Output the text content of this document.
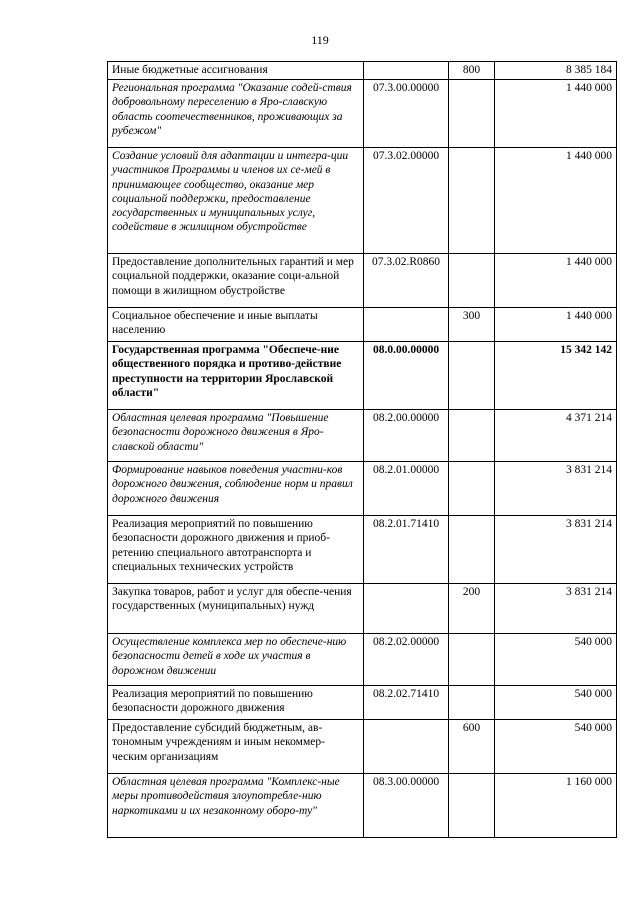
119
Иные бюджетные ассигнования		800	8 385 184
Региональная программа "Оказание содей-ствия добровольному переселению в Яро-славскую область соотечественников, проживающих за рубежом"	07.3.00.00000		1 440 000
Создание условий для адаптации и интегра-ции участников Программы и членов их се-мей в принимающее сообщество, оказание мер социальной поддержки, предоставление государственных и муниципальных услуг, содействие в жилищном обустройстве	07.3.02.00000		1 440 000
Предоставление дополнительных гарантий и мер социальной поддержки, оказание соци-альной помощи в жилищном обустройстве	07.3.02.R0860		1 440 000
Социальное обеспечение и иные выплаты населению		300	1 440 000
Государственная программа "Обеспече-ние общественного порядка и противо-действие преступности на территории Ярославской области"	08.0.00.00000		15 342 142
Областная целевая программа "Повышение безопасности дорожного движения в Яро-славской области"	08.2.00.00000		4 371 214
Формирование навыков поведения участни-ков дорожного движения, соблюдение норм и правил дорожного движения	08.2.01.00000		3 831 214
Реализация мероприятий по повышению безопасности дорожного движения и приоб-ретению специального автотранспорта и специальных технических устройств	08.2.01.71410		3 831 214
Закупка товаров, работ и услуг для обеспе-чения государственных (муниципальных) нужд		200	3 831 214
Осуществление комплекса мер по обеспече-нию безопасности детей в ходе их участия в дорожном движении	08.2.02.00000		540 000
Реализация мероприятий по повышению безопасности дорожного движения	08.2.02.71410		540 000
Предоставление субсидий бюджетным, ав-тономным учреждениям и иным некоммер-ческим организациям		600	540 000
Областная целевая программа "Комплекс-ные меры противодействия злоупотребле-нию наркотиками и их незаконному оборо-ту"	08.3.00.00000		1 160 000
